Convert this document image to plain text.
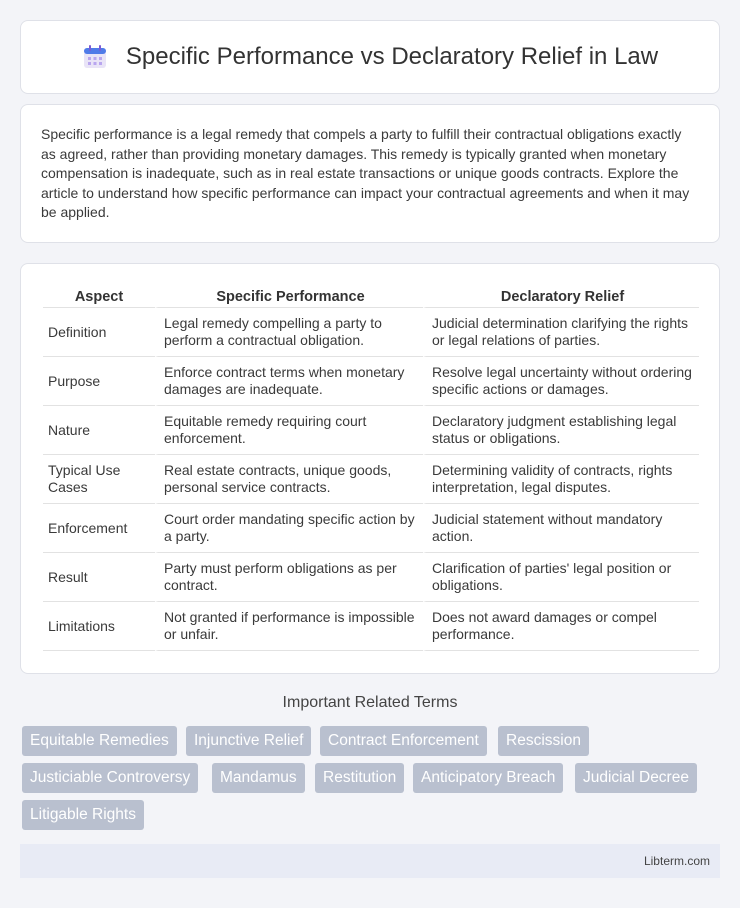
Specific Performance vs Declaratory Relief in Law

Specific performance is a legal remedy that compels a party to fulfill their contractual obligations exactly as agreed, rather than providing monetary damages. This remedy is typically granted when monetary compensation is inadequate, such as in real estate transactions or unique goods contracts. Explore the article to understand how specific performance can impact your contractual agreements and when it may be applied.

Aspect	Specific Performance	Declaratory Relief
Definition	Legal remedy compelling a party to perform a contractual obligation.	Judicial determination clarifying the rights or legal relations of parties.
Purpose	Enforce contract terms when monetary damages are inadequate.	Resolve legal uncertainty without ordering specific actions or damages.
Nature	Equitable remedy requiring court enforcement.	Declaratory judgment establishing legal status or obligations.
Typical Use Cases	Real estate contracts, unique goods, personal service contracts.	Determining validity of contracts, rights interpretation, legal disputes.
Enforcement	Court order mandating specific action by a party.	Judicial statement without mandatory action.
Result	Party must perform obligations as per contract.	Clarification of parties' legal position or obligations.
Limitations	Not granted if performance is impossible or unfair.	Does not award damages or compel performance.
Important Related Terms
Equitable Remedies	Injunctive Relief	Contract Enforcement	Rescission
Justiciable Controversy	Mandamus	Restitution	Anticipatory Breach	Judicial Decree
Litigable Rights
Libterm.com
